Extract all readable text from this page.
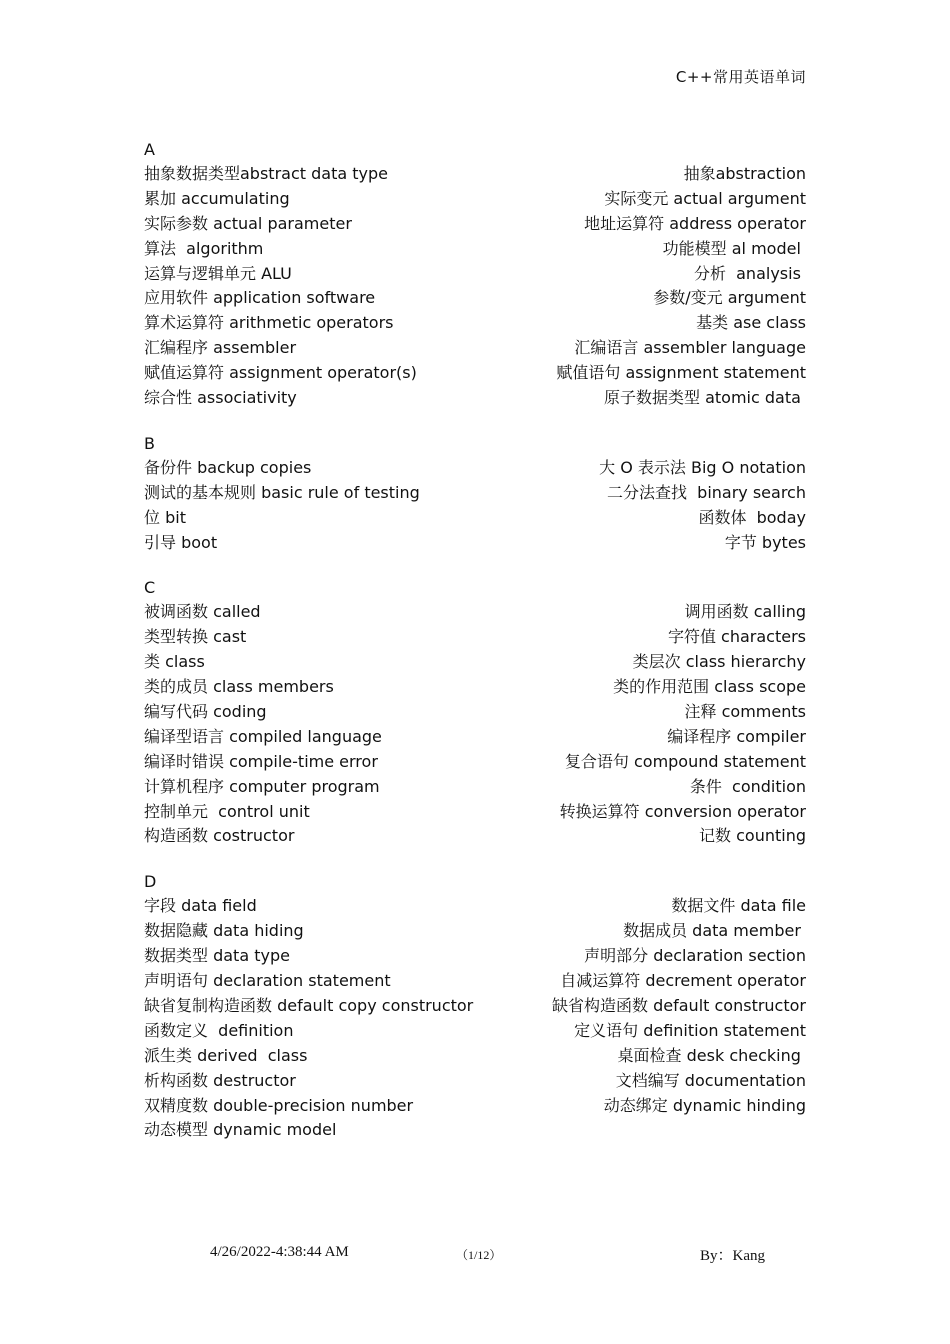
C++常用英语单词
A
抽象数据类型abstract data type	抽象abstraction
累加 accumulating	实际变元 actual argument
实际参数 actual parameter	地址运算符 address operator
算法  algorithm	功能模型 al model
运算与逻辑单元 ALU	分析  analysis
应用软件 application software	参数/变元 argument
算术运算符 arithmetic operators	基类 ase class
汇编程序 assembler	汇编语言 assembler language
赋值运算符 assignment operator(s)	赋值语句 assignment statement
综合性 associativity	原子数据类型 atomic data
B
备份件 backup copies	大 O 表示法 Big O notation
测试的基本规则 basic rule of testing	二分法查找  binary search
位 bit	函数体  boday
引导 boot	字节 bytes
C
被调函数 called	调用函数 calling
类型转换 cast	字符值 characters
类 class	类层次 class hierarchy
类的成员 class members	类的作用范围 class scope
编写代码 coding	注释 comments
编译型语言 compiled language	编译程序 compiler
编译时错误 compile-time error	复合语句 compound statement
计算机程序 computer program	条件  condition
控制单元  control unit	转换运算符 conversion operator
构造函数 costructor	记数 counting
D
字段 data field	数据文件 data file
数据隐藏 data hiding	数据成员 data member
数据类型 data type	声明部分 declaration section
声明语句 declaration statement	自减运算符 decrement operator
缺省复制构造函数 default copy constructor	缺省构造函数 default constructor
函数定义  definition	定义语句 definition statement
派生类 derived  class	桌面检查 desk checking
析构函数 destructor	文档编写 documentation
双精度数 double-precision number	动态绑定 dynamic hinding
动态模型 dynamic model
4/26/2022-4:38:44 AM	（1/12）	By：Kang
